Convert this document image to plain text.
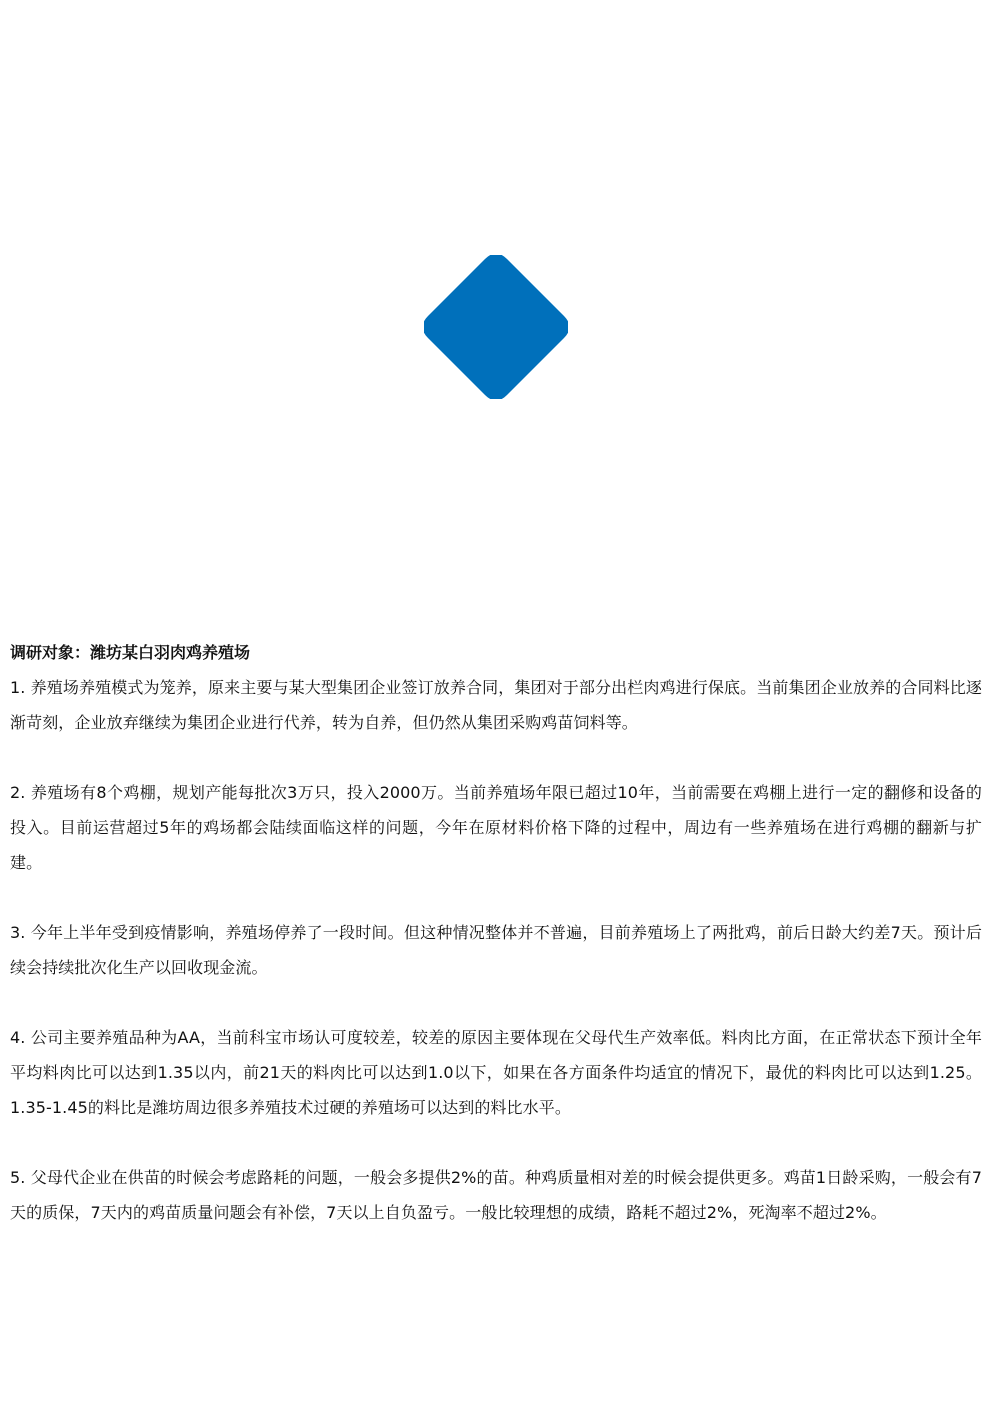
调研对象：潍坊某白羽肉鸡养殖场

1. 养殖场养殖模式为笼养，原来主要与某大型集团企业签订放养合同，集团对于部分出栏肉鸡进行保底。当前集团企业放养的合同料比逐渐苛刻，企业放弃继续为集团企业进行代养，转为自养，但仍然从集团采购鸡苗饲料等。

2. 养殖场有8个鸡棚，规划产能每批次3万只，投入2000万。当前养殖场年限已超过10年，当前需要在鸡棚上进行一定的翻修和设备的投入。目前运营超过5年的鸡场都会陆续面临这样的问题，今年在原材料价格下降的过程中，周边有一些养殖场在进行鸡棚的翻新与扩建。

3. 今年上半年受到疫情影响，养殖场停养了一段时间。但这种情况整体并不普遍，目前养殖场上了两批鸡，前后日龄大约差7天。预计后续会持续批次化生产以回收现金流。

4. 公司主要养殖品种为AA，当前科宝市场认可度较差，较差的原因主要体现在父母代生产效率低。料肉比方面，在正常状态下预计全年平均料肉比可以达到1.35以内，前21天的料肉比可以达到1.0以下，如果在各方面条件均适宜的情况下，最优的料肉比可以达到1.25。1.35-1.45的料比是潍坊周边很多养殖技术过硬的养殖场可以达到的料比水平。

5. 父母代企业在供苗的时候会考虑路耗的问题，一般会多提供2%的苗。种鸡质量相对差的时候会提供更多。鸡苗1日龄采购，一般会有7天的质保，7天内的鸡苗质量问题会有补偿，7天以上自负盈亏。一般比较理想的成绩，路耗不超过2%，死淘率不超过2%。
